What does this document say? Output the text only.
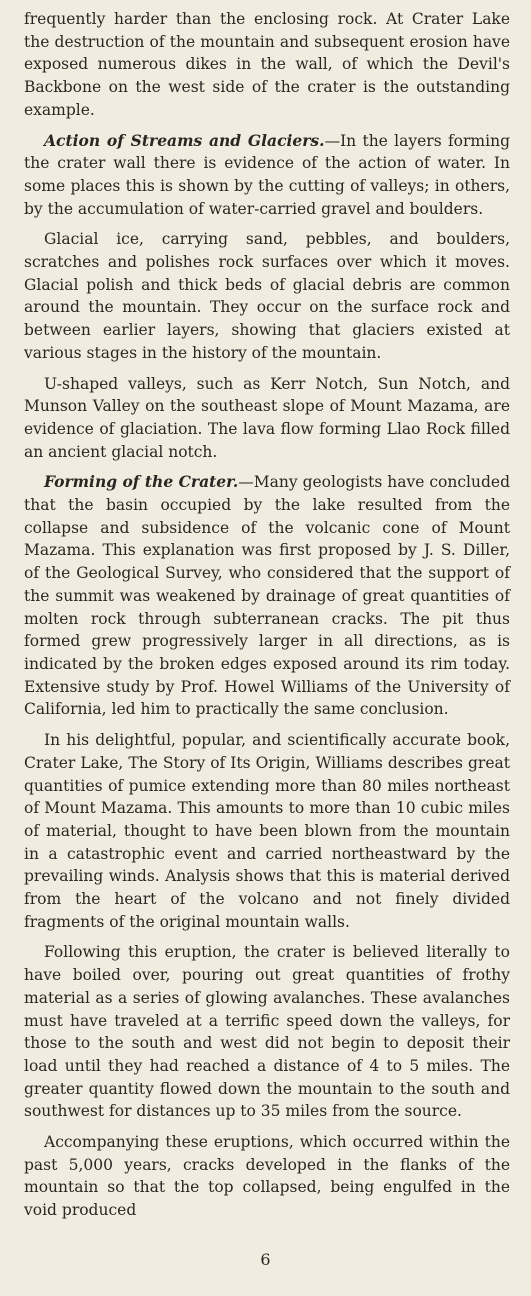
frequently harder than the enclosing rock. At Crater Lake the destruction of the mountain and subsequent erosion have exposed numerous dikes in the wall, of which the Devil's Backbone on the west side of the crater is the outstanding example.

Action of Streams and Glaciers.—In the layers forming the crater wall there is evidence of the action of water. In some places this is shown by the cutting of valleys; in others, by the accumulation of water-carried gravel and boulders.

Glacial ice, carrying sand, pebbles, and boulders, scratches and polishes rock surfaces over which it moves. Glacial polish and thick beds of glacial debris are common around the mountain. They occur on the surface rock and between earlier layers, showing that glaciers existed at various stages in the history of the mountain.

U-shaped valleys, such as Kerr Notch, Sun Notch, and Munson Valley on the southeast slope of Mount Mazama, are evidence of glaciation. The lava flow forming Llao Rock filled an ancient glacial notch.

Forming of the Crater.—Many geologists have concluded that the basin occupied by the lake resulted from the collapse and subsidence of the volcanic cone of Mount Mazama. This explanation was first proposed by J. S. Diller, of the Geological Survey, who considered that the support of the summit was weakened by drainage of great quantities of molten rock through subterranean cracks. The pit thus formed grew progressively larger in all directions, as is indicated by the broken edges exposed around its rim today. Extensive study by Prof. Howel Williams of the University of California, led him to practically the same conclusion.

In his delightful, popular, and scientifically accurate book, Crater Lake, The Story of Its Origin, Williams describes great quantities of pumice extending more than 80 miles northeast of Mount Mazama. This amounts to more than 10 cubic miles of material, thought to have been blown from the mountain in a catastrophic event and carried northeastward by the prevailing winds. Analysis shows that this is material derived from the heart of the volcano and not finely divided fragments of the original mountain walls.

Following this eruption, the crater is believed literally to have boiled over, pouring out great quantities of frothy material as a series of glowing avalanches. These avalanches must have traveled at a terrific speed down the valleys, for those to the south and west did not begin to deposit their load until they had reached a distance of 4 to 5 miles. The greater quantity flowed down the mountain to the south and southwest for distances up to 35 miles from the source.

Accompanying these eruptions, which occurred within the past 5,000 years, cracks developed in the flanks of the mountain so that the top collapsed, being engulfed in the void produced

6
